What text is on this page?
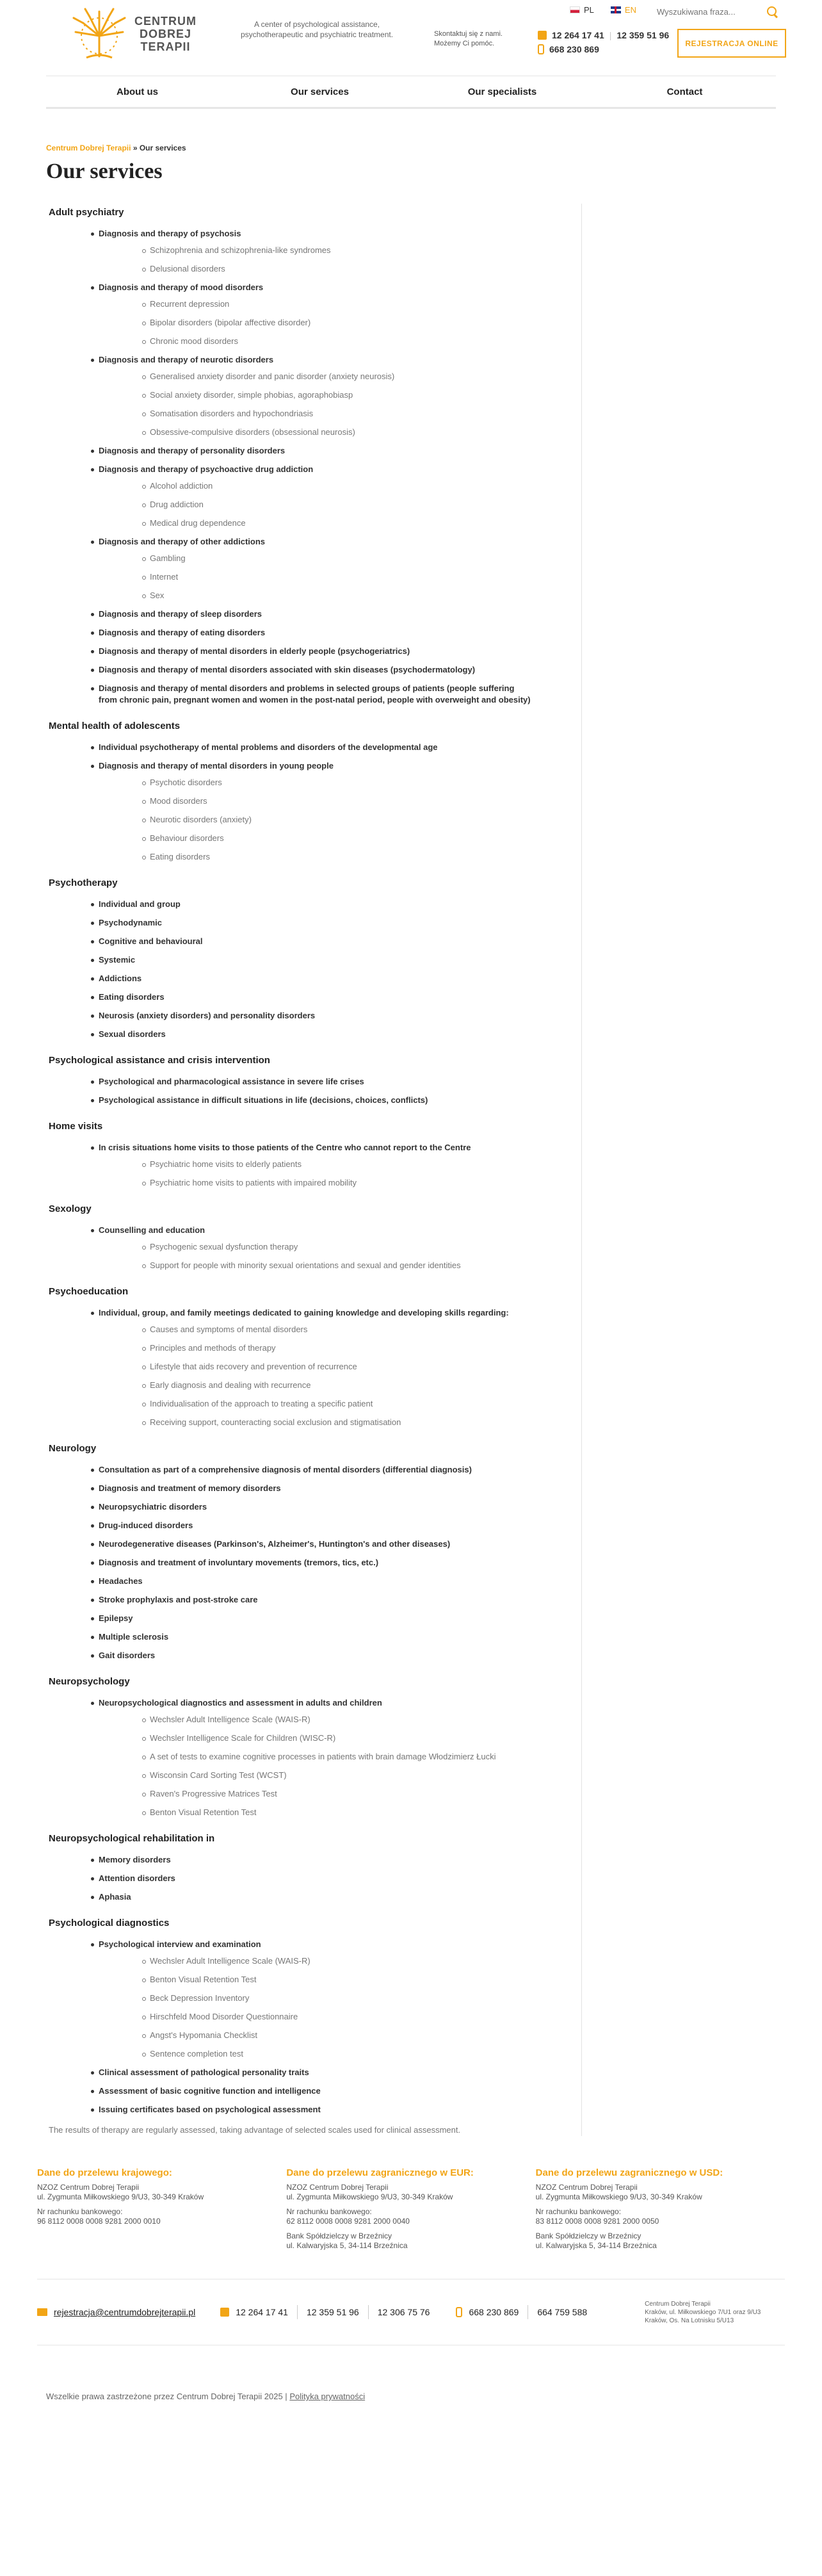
CENTRUM
DOBREJ
TERAPII
A center of psychological assistance, psychotherapeutic and psychiatric treatment.	Skontaktuj się z nami. Możemy Ci pomóc.
PL	EN
Wyszukiwana fraza...
12 264 17 41 | 12 359 51 96
668 230 869
REJESTRACJA ONLINE
About us	Our services	Our specialists	Contact
Centrum Dobrej Terapii » Our services
Our services
Adult psychiatry
Diagnosis and therapy of psychosis
Schizophrenia and schizophrenia-like syndromes
Delusional disorders
Diagnosis and therapy of mood disorders
Recurrent depression
Bipolar disorders (bipolar affective disorder)
Chronic mood disorders
Diagnosis and therapy of neurotic disorders
Generalised anxiety disorder and panic disorder (anxiety neurosis)
Social anxiety disorder, simple phobias, agoraphobiasp
Somatisation disorders and hypochondriasis
Obsessive-compulsive disorders (obsessional neurosis)
Diagnosis and therapy of personality disorders
Diagnosis and therapy of psychoactive drug addiction
Alcohol addiction
Drug addiction
Medical drug dependence
Diagnosis and therapy of other addictions
Gambling
Internet
Sex
Diagnosis and therapy of sleep disorders
Diagnosis and therapy of eating disorders
Diagnosis and therapy of mental disorders in elderly people (psychogeriatrics)
Diagnosis and therapy of mental disorders associated with skin diseases (psychodermatology)
Diagnosis and therapy of mental disorders and problems in selected groups of patients (people suffering from chronic pain, pregnant women and women in the post-natal period, people with overweight and obesity)
Mental health of adolescents
Individual psychotherapy of mental problems and disorders of the developmental age
Diagnosis and therapy of mental disorders in young people
Psychotic disorders
Mood disorders
Neurotic disorders (anxiety)
Behaviour disorders
Eating disorders
Psychotherapy
Individual and group
Psychodynamic
Cognitive and behavioural
Systemic
Addictions
Eating disorders
Neurosis (anxiety disorders) and personality disorders
Sexual disorders
Psychological assistance and crisis intervention
Psychological and pharmacological assistance in severe life crises
Psychological assistance in difficult situations in life (decisions, choices, conflicts)
Home visits
In crisis situations home visits to those patients of the Centre who cannot report to the Centre
Psychiatric home visits to elderly patients
Psychiatric home visits to patients with impaired mobility
Sexology
Counselling and education
Psychogenic sexual dysfunction therapy
Support for people with minority sexual orientations and sexual and gender identities
Psychoeducation
Individual, group, and family meetings dedicated to gaining knowledge and developing skills regarding:
Causes and symptoms of mental disorders
Principles and methods of therapy
Lifestyle that aids recovery and prevention of recurrence
Early diagnosis and dealing with recurrence
Individualisation of the approach to treating a specific patient
Receiving support, counteracting social exclusion and stigmatisation
Neurology
Consultation as part of a comprehensive diagnosis of mental disorders (differential diagnosis)
Diagnosis and treatment of memory disorders
Neuropsychiatric disorders
Drug-induced disorders
Neurodegenerative diseases (Parkinson's, Alzheimer's, Huntington's and other diseases)
Diagnosis and treatment of involuntary movements (tremors, tics, etc.)
Headaches
Stroke prophylaxis and post-stroke care
Epilepsy
Multiple sclerosis
Gait disorders
Neuropsychology
Neuropsychological diagnostics and assessment in adults and children
Wechsler Adult Intelligence Scale (WAIS-R)
Wechsler Intelligence Scale for Children (WISC-R)
A set of tests to examine cognitive processes in patients with brain damage Włodzimierz Łucki
Wisconsin Card Sorting Test (WCST)
Raven's Progressive Matrices Test
Benton Visual Retention Test
Neuropsychological rehabilitation in
Memory disorders
Attention disorders
Aphasia
Psychological diagnostics
Psychological interview and examination
Wechsler Adult Intelligence Scale (WAIS-R)
Benton Visual Retention Test
Beck Depression Inventory
Hirschfeld Mood Disorder Questionnaire
Angst's Hypomania Checklist
Sentence completion test
Clinical assessment of pathological personality traits
Assessment of basic cognitive function and intelligence
Issuing certificates based on psychological assessment
The results of therapy are regularly assessed, taking advantage of selected scales used for clinical assessment.
Dane do przelewu krajowego:

NZOZ Centrum Dobrej Terapii
ul. Zygmunta Miłkowskiego 9/U3, 30-349 Kraków

Nr rachunku bankowego:
96 8112 0008 0008 9281 2000 0010

Dane do przelewu zagranicznego w EUR:

NZOZ Centrum Dobrej Terapii
ul. Zygmunta Miłkowskiego 9/U3, 30-349 Kraków

Nr rachunku bankowego:
62 8112 0008 0008 9281 2000 0040

Bank Spółdzielczy w Brzeźnicy
ul. Kalwaryjska 5, 34-114 Brzeźnica

Dane do przelewu zagranicznego w USD:

NZOZ Centrum Dobrej Terapii
ul. Zygmunta Miłkowskiego 9/U3, 30-349 Kraków

Nr rachunku bankowego:
83 8112 0008 0008 9281 2000 0050

Bank Spółdzielczy w Brzeźnicy
ul. Kalwaryjska 5, 34-114 Brzeźnica

rejestracja@centrumdobrejterapii.pl	12 264 17 41 12 359 51 96 12 306 75 76	668 230 869 664 759 588
Centrum Dobrej Terapii
Kraków, ul. Miłkowskiego 7/U1 oraz 9/U3
Kraków, Os. Na Lotnisku 5/U13
Wszelkie prawa zastrzeżone przez Centrum Dobrej Terapii 2025 | Polityka prywatności
